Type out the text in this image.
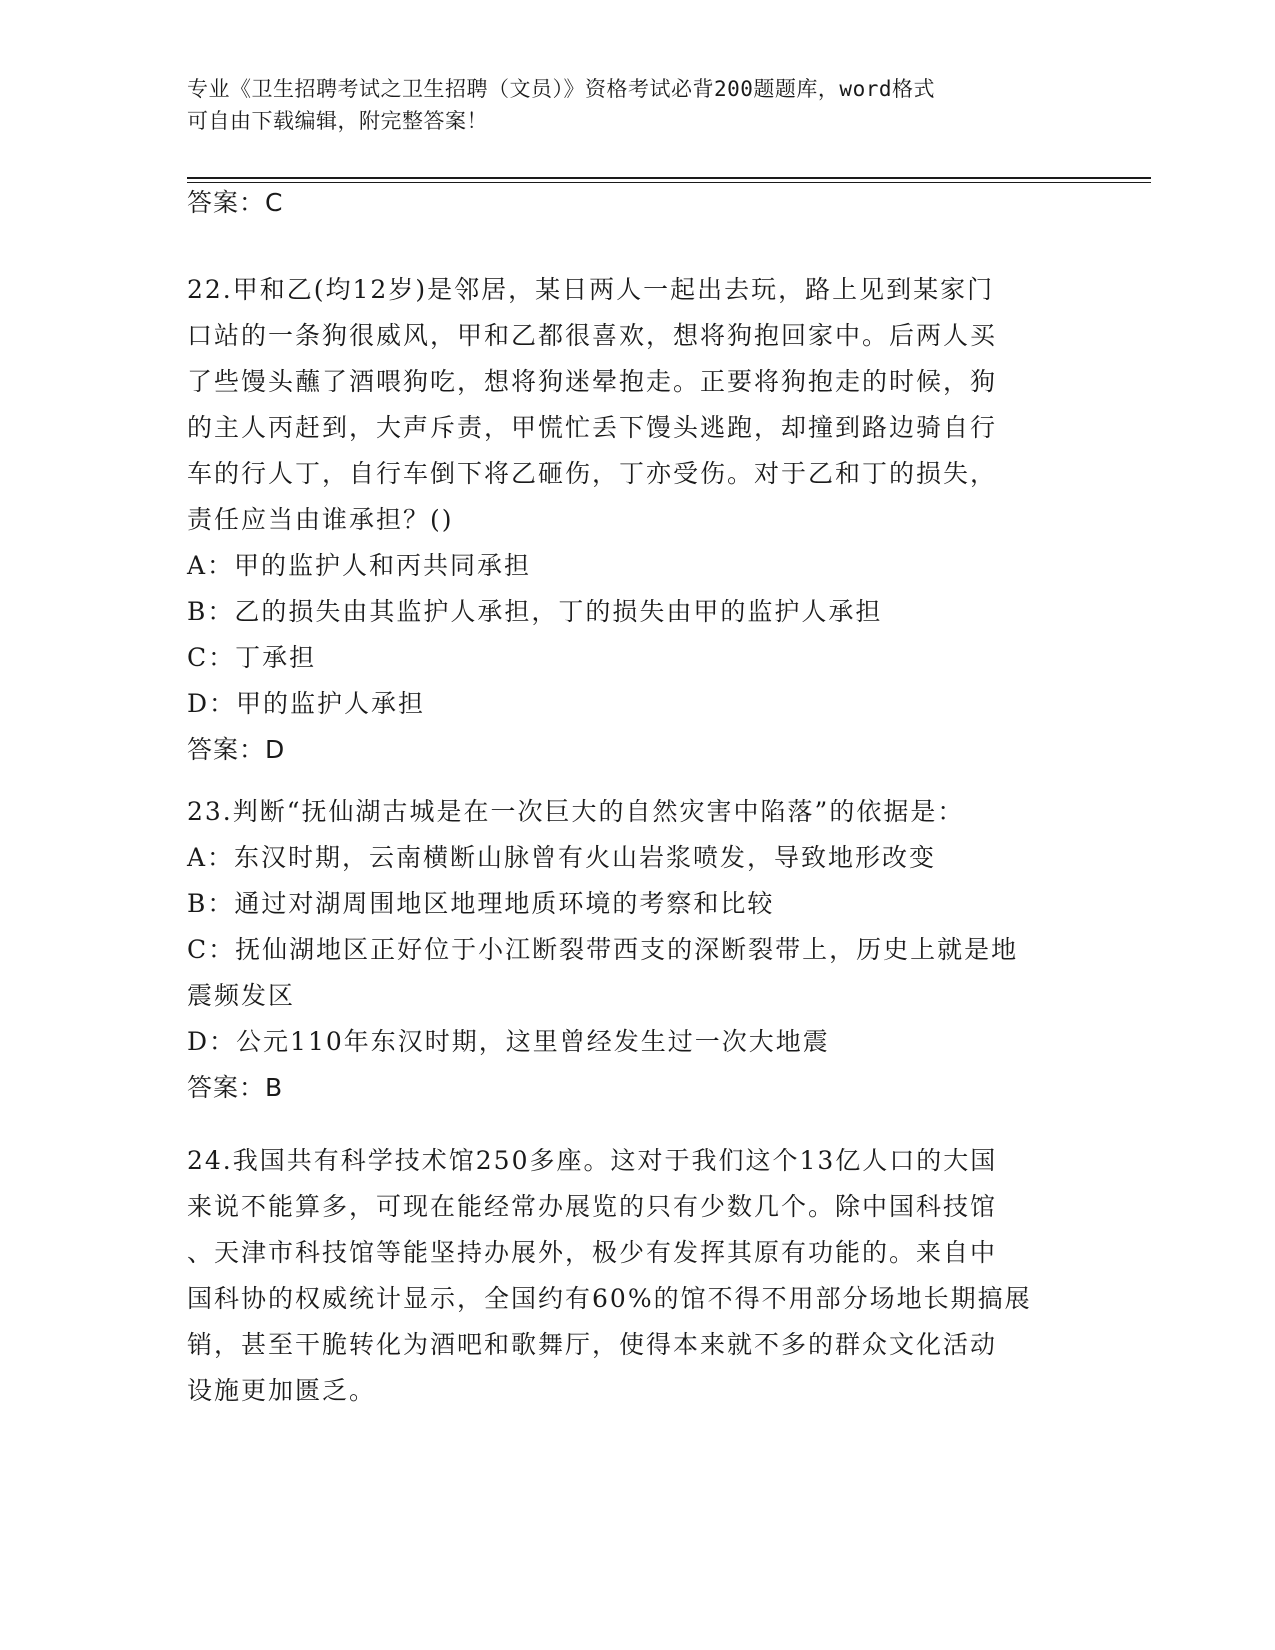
专业《卫生招聘考试之卫生招聘（文员）》资格考试必背200题题库，word格式
可自由下载编辑，附完整答案！
答案：C
22.甲和乙(均12岁)是邻居，某日两人一起出去玩，路上见到某家门
口站的一条狗很威风，甲和乙都很喜欢，想将狗抱回家中。后两人买
了些馒头蘸了酒喂狗吃，想将狗迷晕抱走。正要将狗抱走的时候，狗
的主人丙赶到，大声斥责，甲慌忙丢下馒头逃跑，却撞到路边骑自行
车的行人丁，自行车倒下将乙砸伤，丁亦受伤。对于乙和丁的损失，
责任应当由谁承担？()
A：甲的监护人和丙共同承担
B：乙的损失由其监护人承担，丁的损失由甲的监护人承担
C：丁承担
D：甲的监护人承担
答案：D
23.判断“抚仙湖古城是在一次巨大的自然灾害中陷落”的依据是：
A：东汉时期，云南横断山脉曾有火山岩浆喷发，导致地形改变
B：通过对湖周围地区地理地质环境的考察和比较
C：抚仙湖地区正好位于小江断裂带西支的深断裂带上，历史上就是地
震频发区
D：公元110年东汉时期，这里曾经发生过一次大地震
答案：B
24.我国共有科学技术馆250多座。这对于我们这个13亿人口的大国
来说不能算多，可现在能经常办展览的只有少数几个。除中国科技馆
、天津市科技馆等能坚持办展外，极少有发挥其原有功能的。来自中
国科协的权威统计显示，全国约有60%的馆不得不用部分场地长期搞展
销，甚至干脆转化为酒吧和歌舞厅，使得本来就不多的群众文化活动
设施更加匮乏。
